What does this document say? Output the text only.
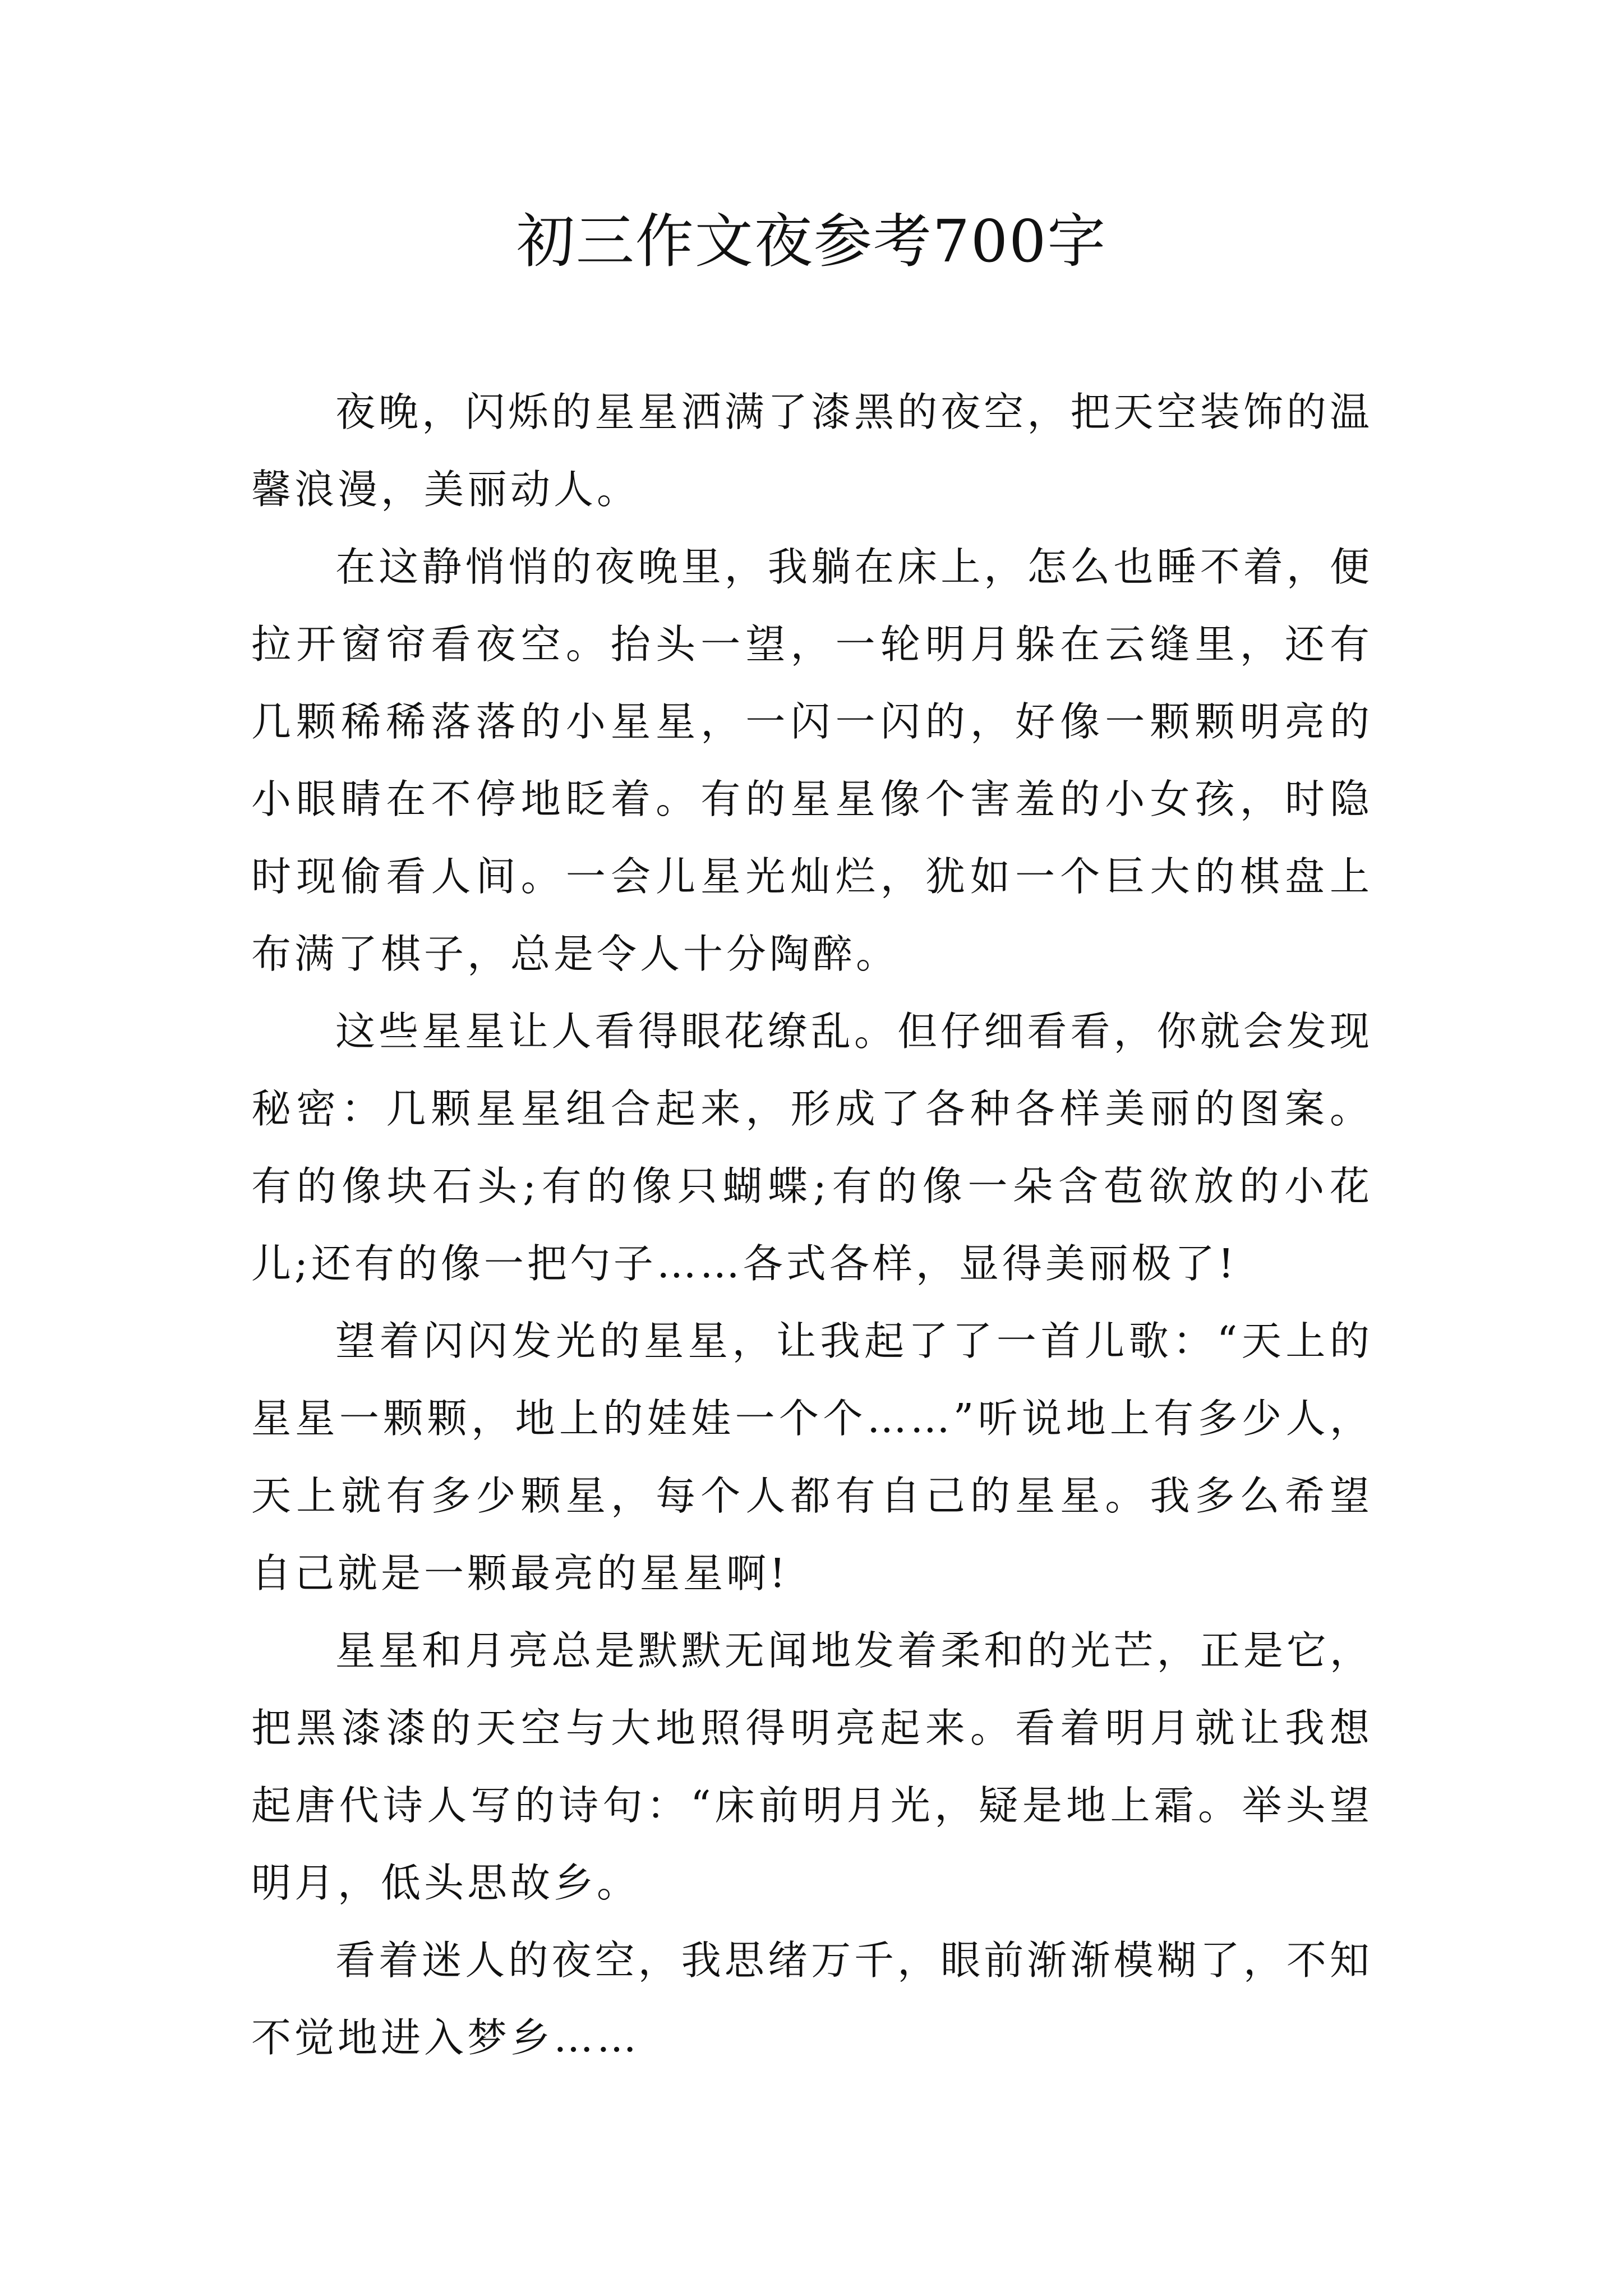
初三作文夜参考700字

夜晚，闪烁的星星洒满了漆黑的夜空，把天空装饰的温馨浪漫，美丽动人。

在这静悄悄的夜晚里，我躺在床上，怎么也睡不着，便拉开窗帘看夜空。抬头一望，一轮明月躲在云缝里，还有几颗稀稀落落的小星星，一闪一闪的，好像一颗颗明亮的小眼睛在不停地眨着。有的星星像个害羞的小女孩，时隐时现偷看人间。一会儿星光灿烂，犹如一个巨大的棋盘上布满了棋子，总是令人十分陶醉。

这些星星让人看得眼花缭乱。但仔细看看，你就会发现秘密：几颗星星组合起来，形成了各种各样美丽的图案。有的像块石头;有的像只蝴蝶;有的像一朵含苞欲放的小花儿;还有的像一把勺子……各式各样，显得美丽极了!

望着闪闪发光的星星，让我起了了一首儿歌：“天上的星星一颗颗，地上的娃娃一个个……”听说地上有多少人，天上就有多少颗星，每个人都有自己的星星。我多么希望自己就是一颗最亮的星星啊!

星星和月亮总是默默无闻地发着柔和的光芒，正是它，把黑漆漆的天空与大地照得明亮起来。看着明月就让我想起唐代诗人写的诗句：“床前明月光，疑是地上霜。举头望明月，低头思故乡。

看着迷人的夜空，我思绪万千，眼前渐渐模糊了，不知不觉地进入梦乡……
